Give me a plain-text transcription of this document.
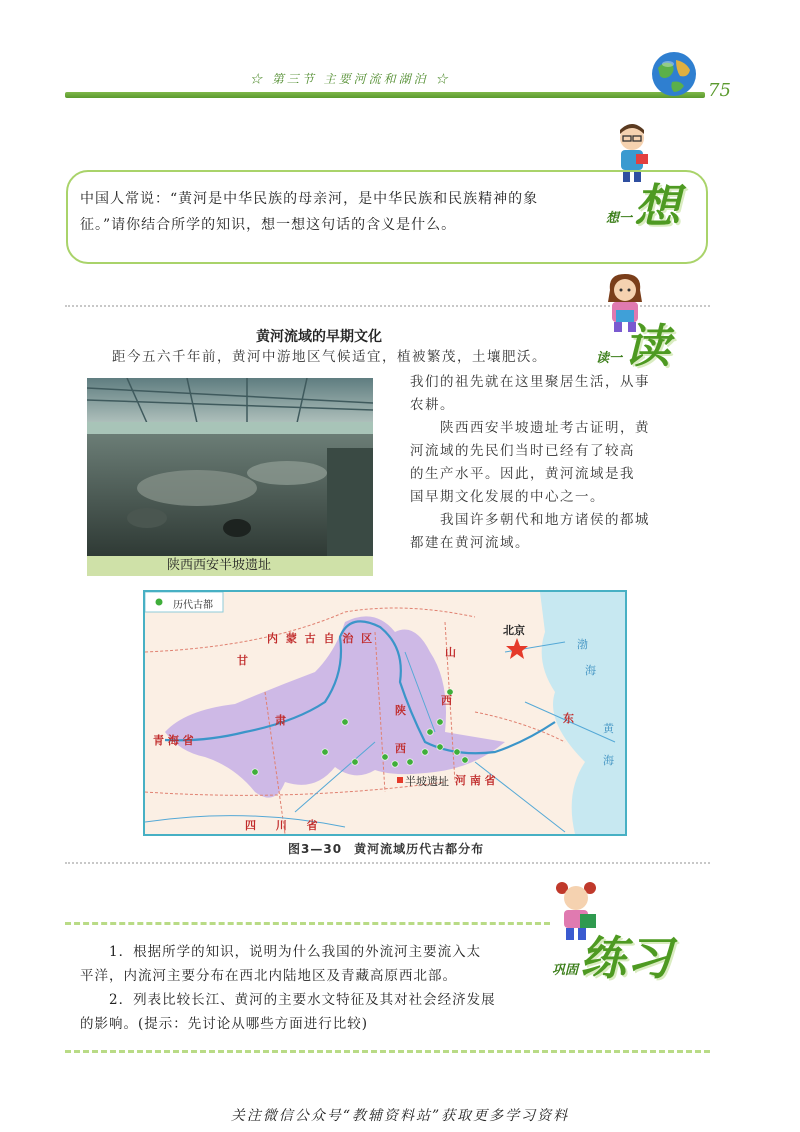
☆ 第三节 主要河流和湖泊 ☆
75
想一想
中国人常说：“黄河是中华民族的母亲河，是中华民族和民族精神的象
征。”请你结合所学的知识，想一想这句话的含义是什么。
读一读
黄河流域的早期文化
距今五六千年前，黄河中游地区气候适宜，植被繁茂，土壤肥沃。
我们的祖先就在这里聚居生活，从事
农耕。
　　陕西西安半坡遗址考古证明，黄
河流域的先民们当时已经有了较高
的生产水平。因此，黄河流域是我
国早期文化发展的中心之一。
　　我国许多朝代和地方诸侯的都城
都建在黄河流域。
陕西西安半坡遗址
历代古都
北京
半坡遗址
内 蒙 古 自 治 区
青 海 省
四 川 省
甘
肃
陕
西
山
西
河 南 省
东
渤
海
黄
海
图3—30 黄河流域历代古都分布
巩固练习
　　1．根据所学的知识，说明为什么我国的外流河主要流入太
平洋，内流河主要分布在西北内陆地区及青藏高原西北部。
　　2．列表比较长江、黄河的主要水文特征及其对社会经济发展
的影响。(提示：先讨论从哪些方面进行比较)
关注微信公众号“教辅资料站”获取更多学习资料
